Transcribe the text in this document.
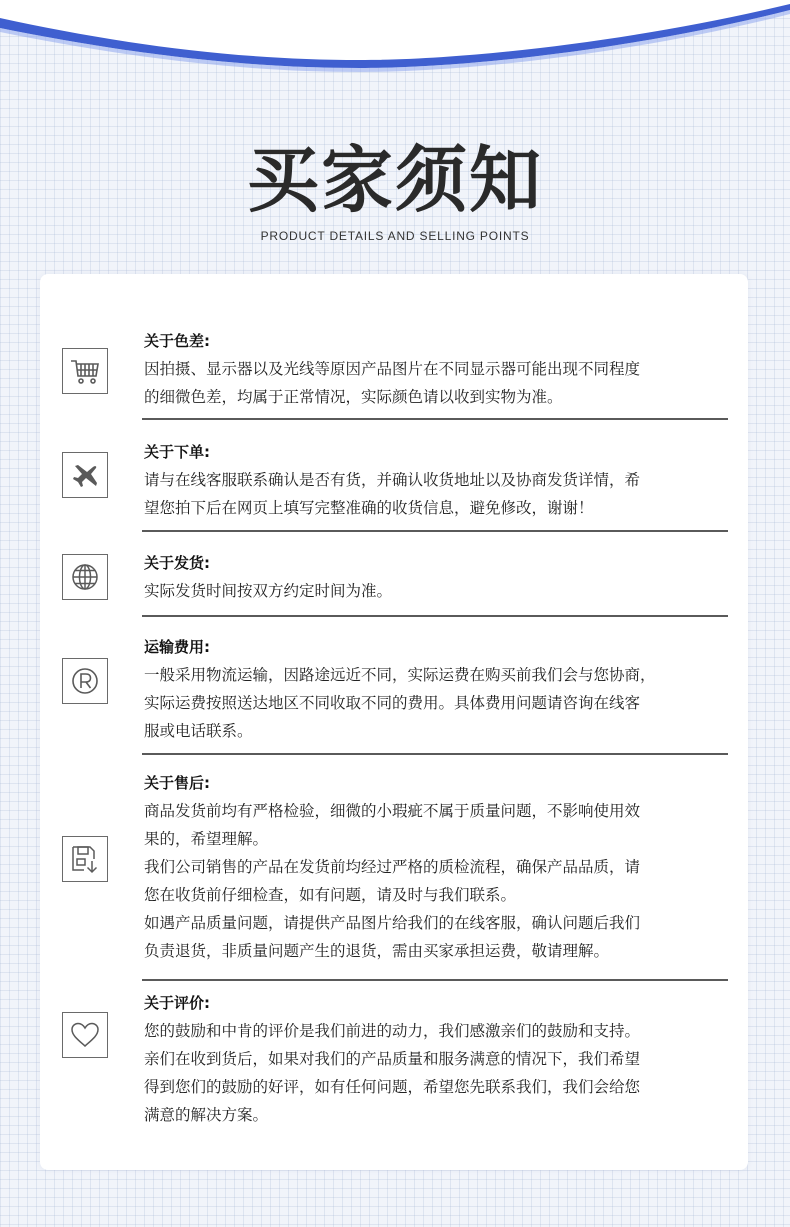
买家须知
PRODUCT DETAILS AND SELLING POINTS
关于色差:

因拍摄、显示器以及光线等原因产品图片在不同显示器可能出现不同程度

的细微色差，均属于正常情况，实际颜色请以收到实物为准。

关于下单:

请与在线客服联系确认是否有货，并确认收货地址以及协商发货详情，希

望您拍下后在网页上填写完整准确的收货信息，避免修改，谢谢！

关于发货:

实际发货时间按双方约定时间为准。

运输费用:

一般采用物流运输，因路途远近不同，实际运费在购买前我们会与您协商，

实际运费按照送达地区不同收取不同的费用。具体费用问题请咨询在线客

服或电话联系。

关于售后:

商品发货前均有严格检验，细微的小瑕疵不属于质量问题，不影响使用效

果的，希望理解。

我们公司销售的产品在发货前均经过严格的质检流程，确保产品品质，请

您在收货前仔细检查，如有问题，请及时与我们联系。

如遇产品质量问题，请提供产品图片给我们的在线客服，确认问题后我们

负责退货，非质量问题产生的退货，需由买家承担运费，敬请理解。

关于评价:

您的鼓励和中肯的评价是我们前进的动力，我们感激亲们的鼓励和支持。

亲们在收到货后，如果对我们的产品质量和服务满意的情况下，我们希望

得到您们的鼓励的好评，如有任何问题，希望您先联系我们，我们会给您

满意的解决方案。
